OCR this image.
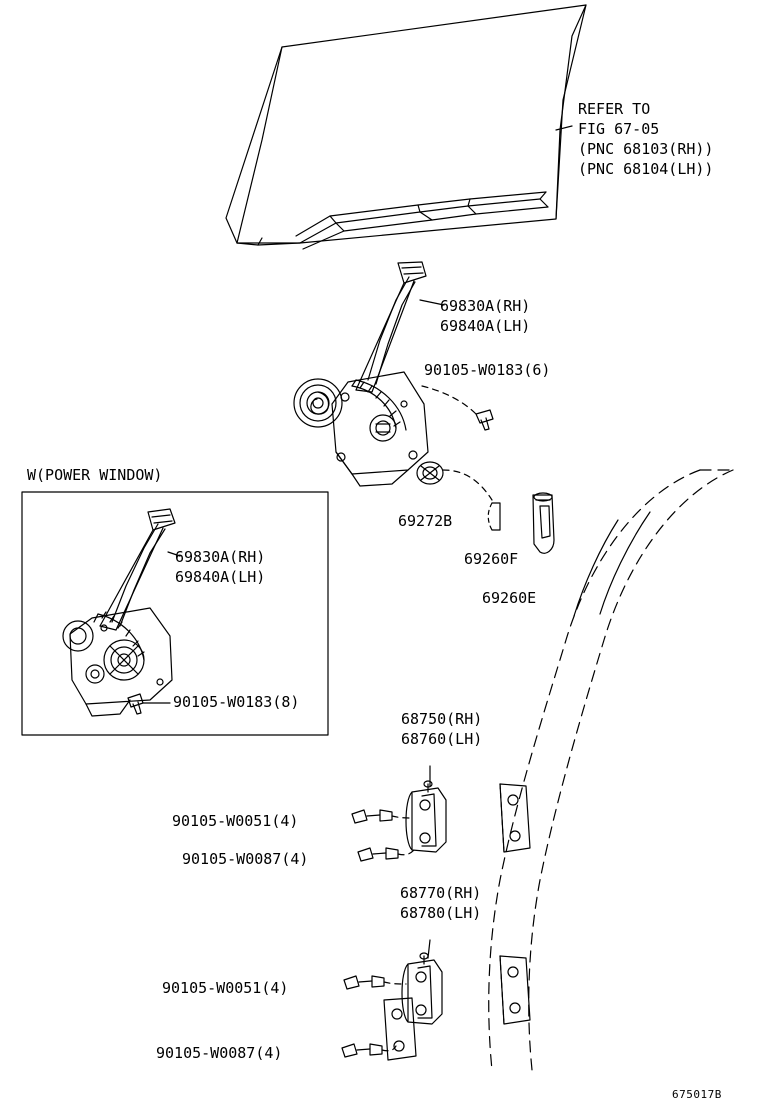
REFER TO
FIG 67-05
(PNC 68103(RH))
(PNC 68104(LH))
69830A(RH)
69840A(LH)
90105-W0183(6)
69272B
69260F
69260E
W(POWER WINDOW)
69830A(RH)
69840A(LH)
90105-W0183(8)
68750(RH)
68760(LH)
90105-W0051(4)
90105-W0087(4)
68770(RH)
68780(LH)
90105-W0051(4)
90105-W0087(4)
675017B
